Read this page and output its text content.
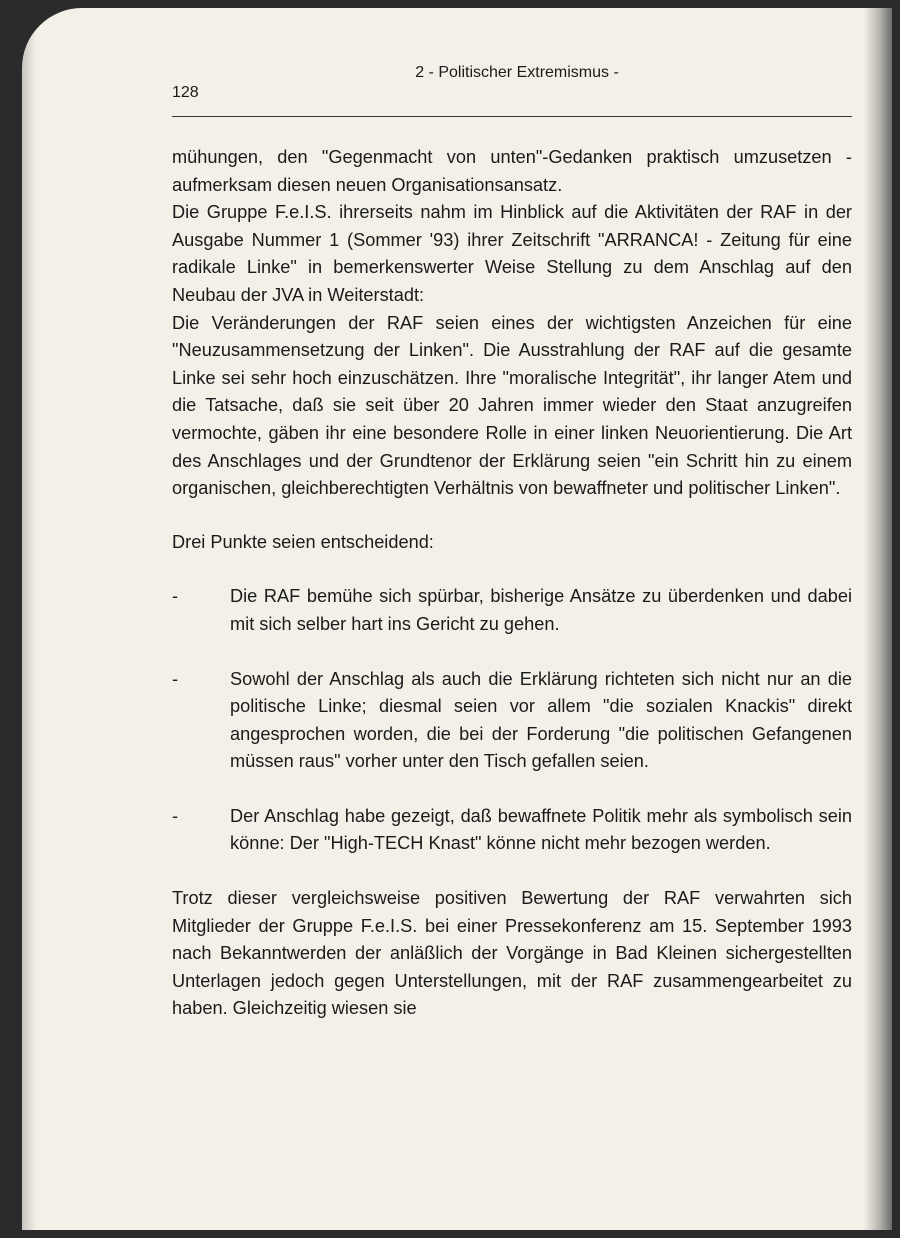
128
2 - Politischer Extremismus -

mühungen, den "Gegenmacht von unten"-Gedanken praktisch umzusetzen - aufmerksam diesen neuen Organisationsansatz.

Die Gruppe F.e.I.S. ihrerseits nahm im Hinblick auf die Aktivitäten der RAF in der Ausgabe Nummer 1 (Sommer '93) ihrer Zeitschrift "ARRANCA! - Zeitung für eine radikale Linke" in bemerkenswerter Weise Stellung zu dem Anschlag auf den Neubau der JVA in Weiterstadt:

Die Veränderungen der RAF seien eines der wichtigsten Anzeichen für eine "Neuzusammensetzung der Linken". Die Ausstrahlung der RAF auf die gesamte Linke sei sehr hoch einzuschätzen. Ihre "moralische Integrität", ihr langer Atem und die Tatsache, daß sie seit über 20 Jahren immer wieder den Staat anzugreifen vermochte, gäben ihr eine besondere Rolle in einer linken Neuorientierung. Die Art des Anschlages und der Grundtenor der Erklärung seien "ein Schritt hin zu einem organischen, gleichberechtigten Verhältnis von bewaffneter und politischer Linken".

Drei Punkte seien entscheidend:

-	Die RAF bemühe sich spürbar, bisherige Ansätze zu überdenken und dabei mit sich selber hart ins Gericht zu gehen.
-	Sowohl der Anschlag als auch die Erklärung richteten sich nicht nur an die politische Linke; diesmal seien vor allem "die sozialen Knackis" direkt angesprochen worden, die bei der Forderung "die politischen Gefangenen müssen raus" vorher unter den Tisch gefallen seien.
-	Der Anschlag habe gezeigt, daß bewaffnete Politik mehr als symbolisch sein könne: Der "High-TECH Knast" könne nicht mehr bezogen werden.

Trotz dieser vergleichsweise positiven Bewertung der RAF verwahrten sich Mitglieder der Gruppe F.e.I.S. bei einer Pressekonferenz am 15. September 1993 nach Bekanntwerden der anläßlich der Vorgänge in Bad Kleinen sichergestellten Unterlagen jedoch gegen Unterstellungen, mit der RAF zusammengearbeitet zu haben. Gleichzeitig wiesen sie
